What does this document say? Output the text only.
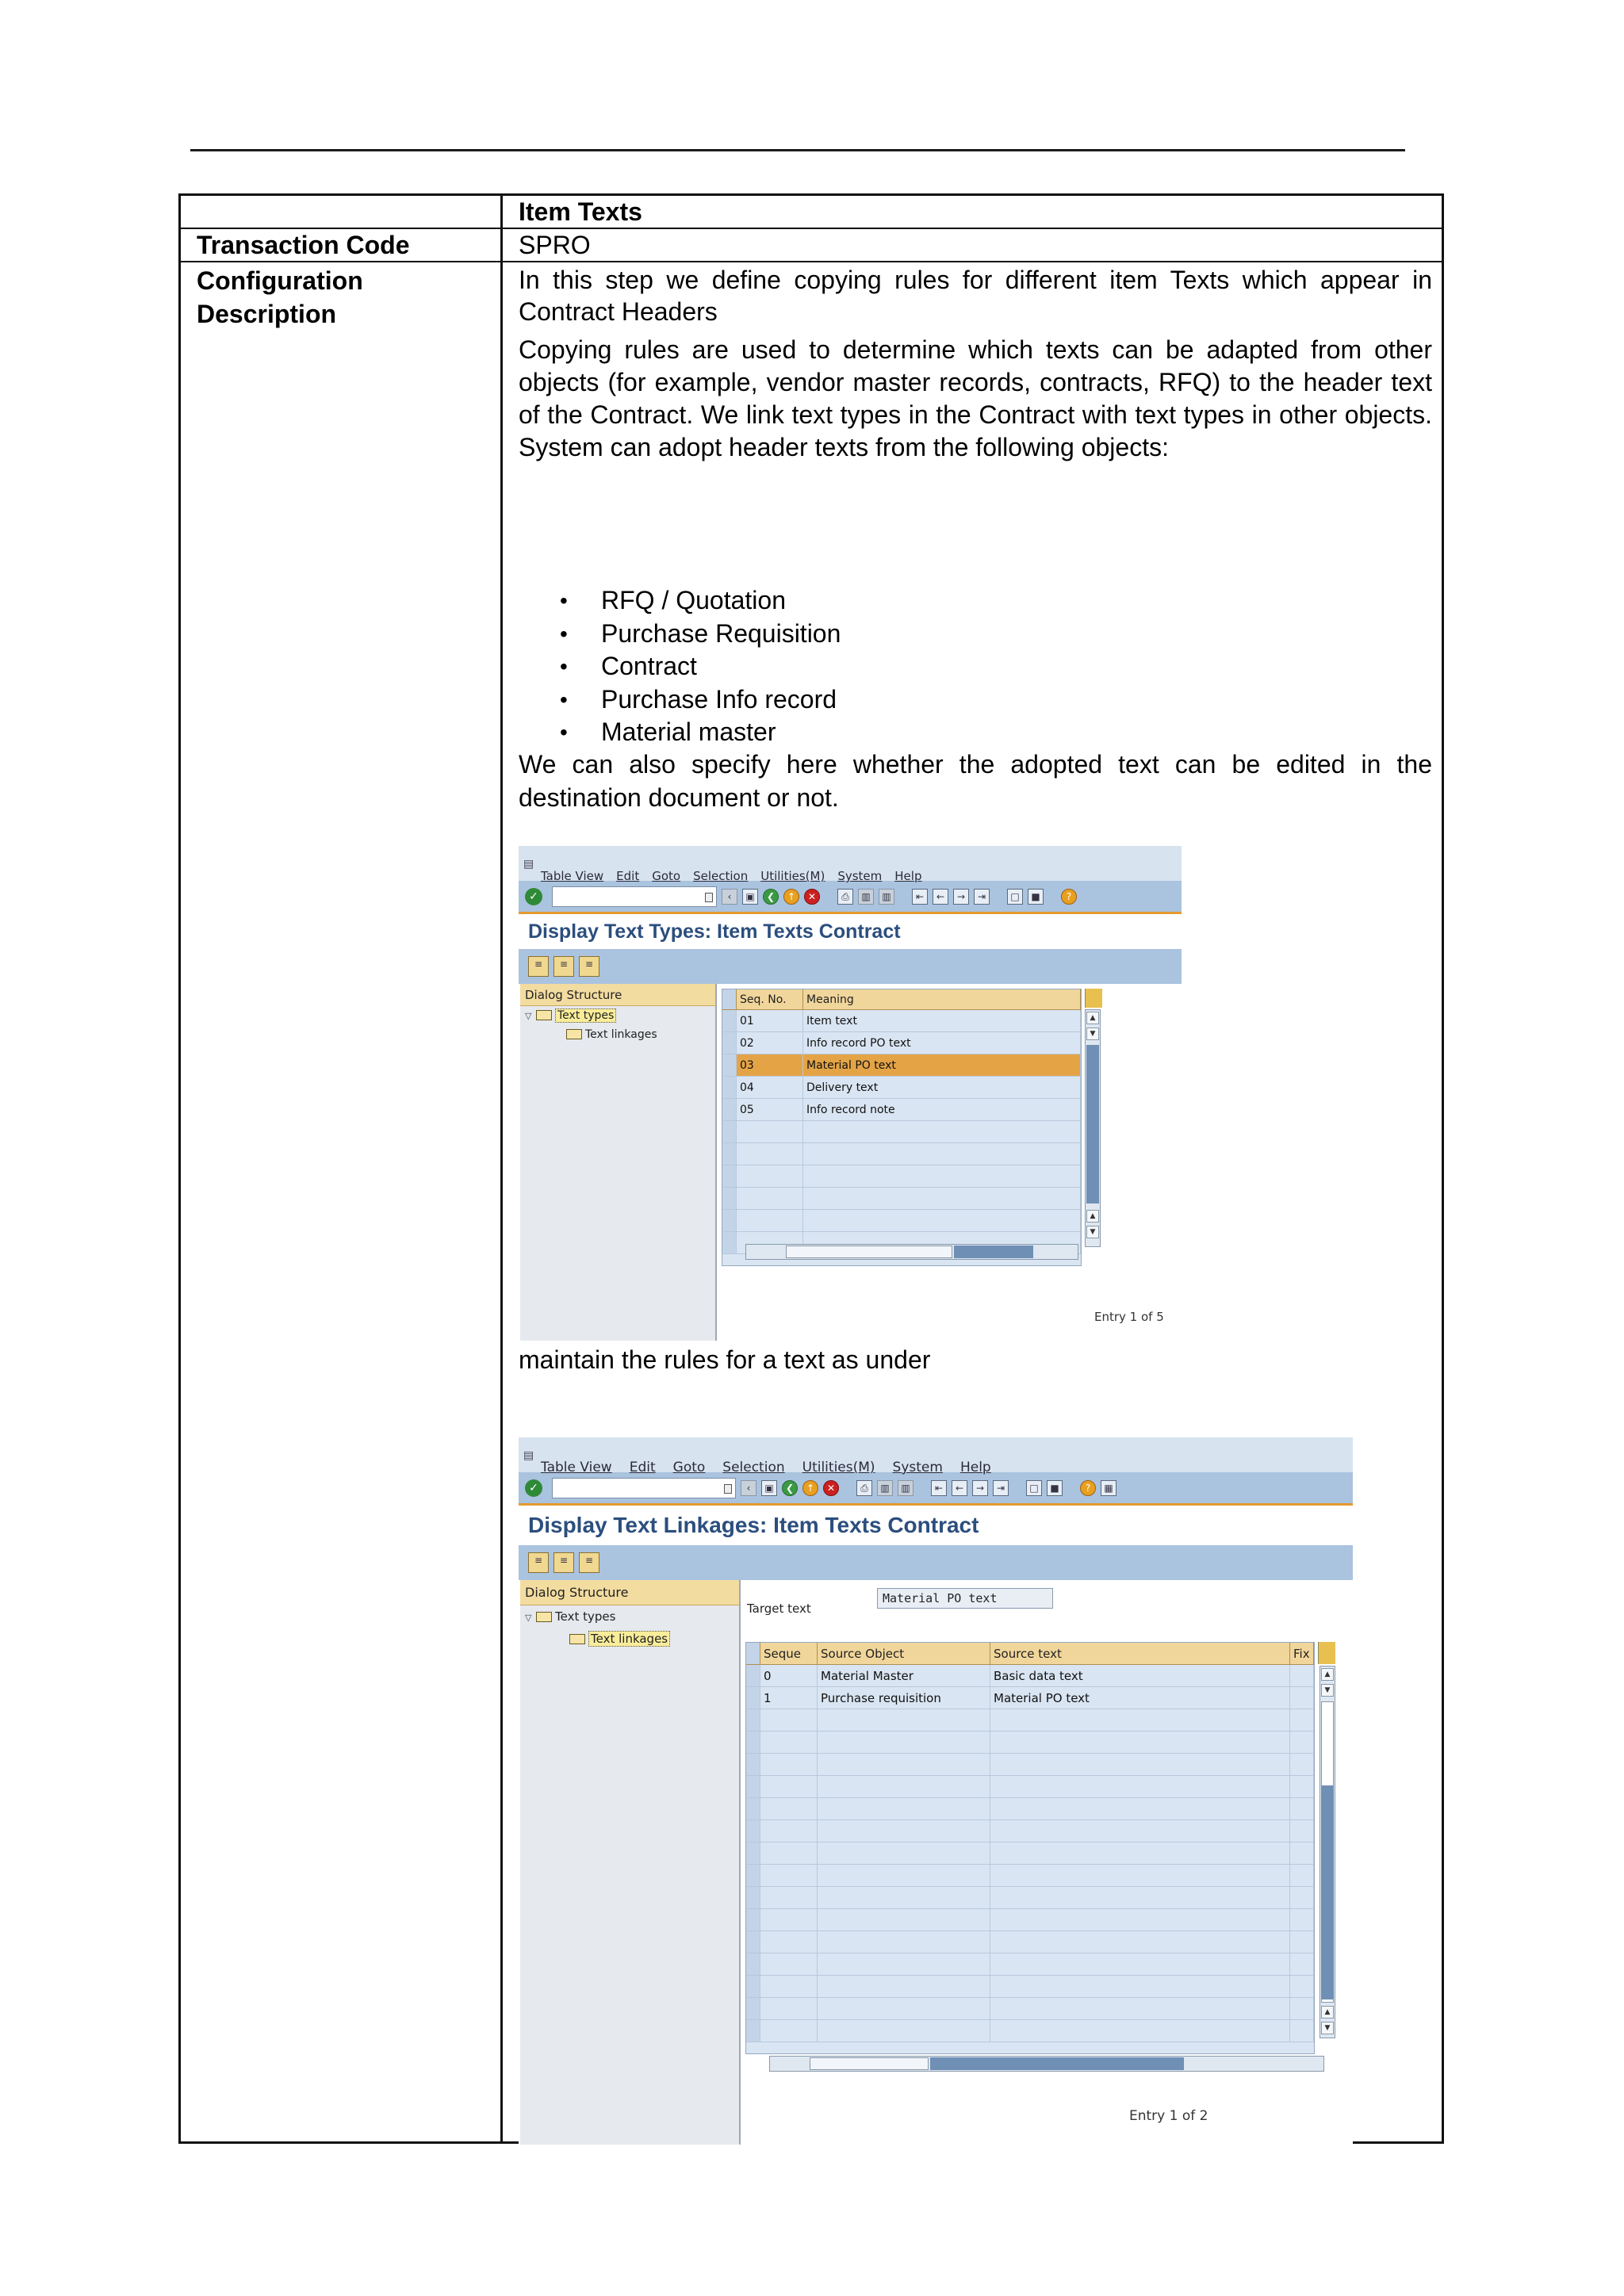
Item Texts
Transaction Code	SPRO
Configuration
Description

In this step we define copying rules for different item Texts which appear in Contract Headers

Copying rules are used to determine which texts can be adapted from other objects (for example, vendor master records, contracts, RFQ) to the header text of the Contract. We link text types in the Contract with text types in other objects. System can adopt header texts from the following objects:

• RFQ / Quotation
• Purchase Requisition
• Contract
• Purchase Info record
• Material master

We can also specify here whether the adopted text can be edited in the destination document or not.

▤
Table View Edit Goto Selection Utilities(M) System Help
✓	‹	▣	❮	↑	✕	⎙	▥	▥	⇤	←	→	⇥	□	■	?
Display Text Types: Item Texts Contract
≡	≡	≡
Dialog Structure
▽ Text types
Text linkages
Seq. No.	Meaning
01	Item text
02	Info record PO text
03	Material PO text
04	Delivery text
05	Info record note
▲
▼
▲
▼
Entry 1 of 5

maintain the rules for a text as under

▤
Table View Edit Goto Selection Utilities(M) System Help
✓	‹	▣	❮	↑	✕	⎙	▥	▥	⇤	←	→	⇥	□	■	?	▦
Display Text Linkages: Item Texts Contract
≡	≡	≡
Dialog Structure
▽ Text types
Text linkages
Target text
Material PO text
Seque	Source Object	Source text	Fix
0	Material Master	Basic data text
1	Purchase requisition	Material PO text
▲
▼
▲
▼
Entry 1 of 2
